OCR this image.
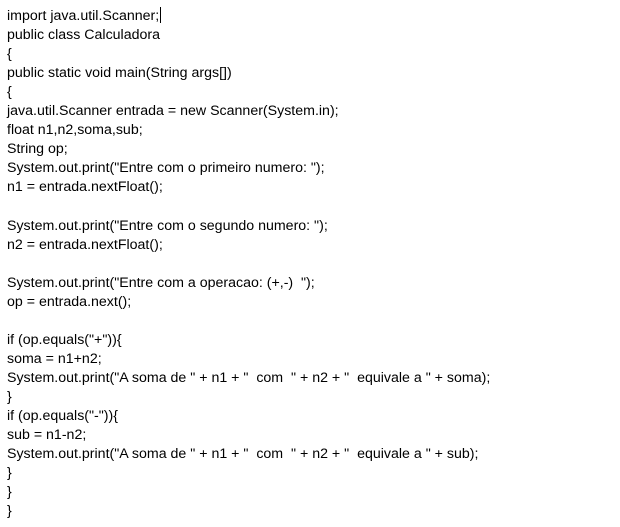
import java.util.Scanner;
public class Calculadora
{
public static void main(String args[])
{
java.util.Scanner entrada = new Scanner(System.in);
float n1,n2,soma,sub;
String op;
System.out.print("Entre com o primeiro numero: ");
n1 = entrada.nextFloat();
System.out.print("Entre com o segundo numero: ");
n2 = entrada.nextFloat();
System.out.print("Entre com a operacao: (+,-)  ");
op = entrada.next();
if (op.equals("+")){
soma = n1+n2;
System.out.print("A soma de " + n1 + "  com  " + n2 + "  equivale a " + soma);
}
if (op.equals("-")){
sub = n1-n2;
System.out.print("A soma de " + n1 + "  com  " + n2 + "  equivale a " + sub);
}
}
}
